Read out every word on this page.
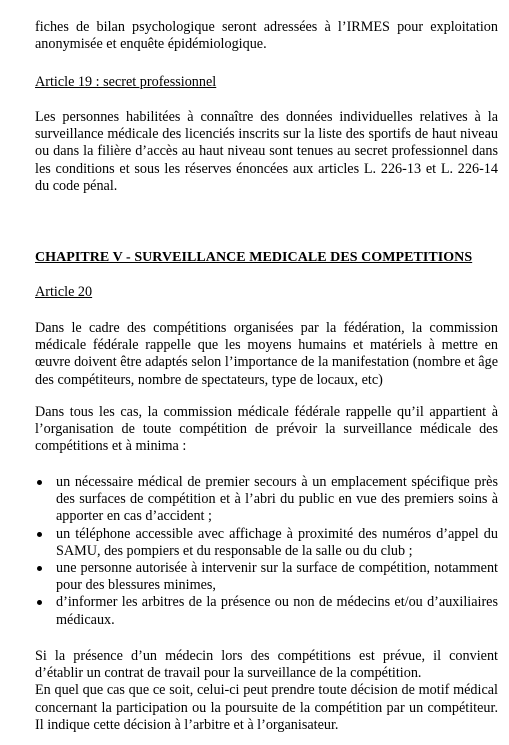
fiches de bilan psychologique seront adressées à l’IRMES pour exploitation anonymisée et enquête épidémiologique.

Article 19 : secret professionnel

Les personnes habilitées à connaître des données individuelles relatives à la surveillance médicale des licenciés inscrits sur la liste des sportifs de haut niveau ou dans la filière d’accès au haut niveau sont tenues au secret professionnel dans les conditions et sous les réserves énoncées aux articles L. 226-13 et L. 226-14 du code pénal.

CHAPITRE V - SURVEILLANCE MEDICALE DES COMPETITIONS

Article 20

Dans le cadre des compétitions organisées par la fédération, la commission médicale fédérale rappelle que les moyens humains et matériels à mettre en œuvre doivent être adaptés selon l’importance de la manifestation (nombre et âge des compétiteurs, nombre de spectateurs, type de locaux, etc)

Dans tous les cas, la commission médicale fédérale rappelle qu’il appartient à l’organisation de toute compétition de prévoir la surveillance médicale des compétitions et à minima :

un nécessaire médical de premier secours à un emplacement spécifique près des surfaces de compétition et à l’abri du public en vue des premiers soins à apporter en cas d’accident ;
un téléphone accessible avec affichage à proximité des numéros d’appel du SAMU, des pompiers et du responsable de la salle ou du club ;
une personne autorisée à intervenir sur la surface de compétition, notamment pour des blessures minimes,
d’informer les arbitres de la présence ou non de médecins et/ou d’auxiliaires médicaux.

Si la présence d’un médecin lors des compétitions est prévue, il convient d’établir un contrat de travail pour la surveillance de la compétition.

En quel que cas que ce soit, celui-ci peut prendre toute décision de motif médical concernant la participation ou la poursuite de la compétition par un compétiteur. Il indique cette décision à l’arbitre et à l’organisateur.
